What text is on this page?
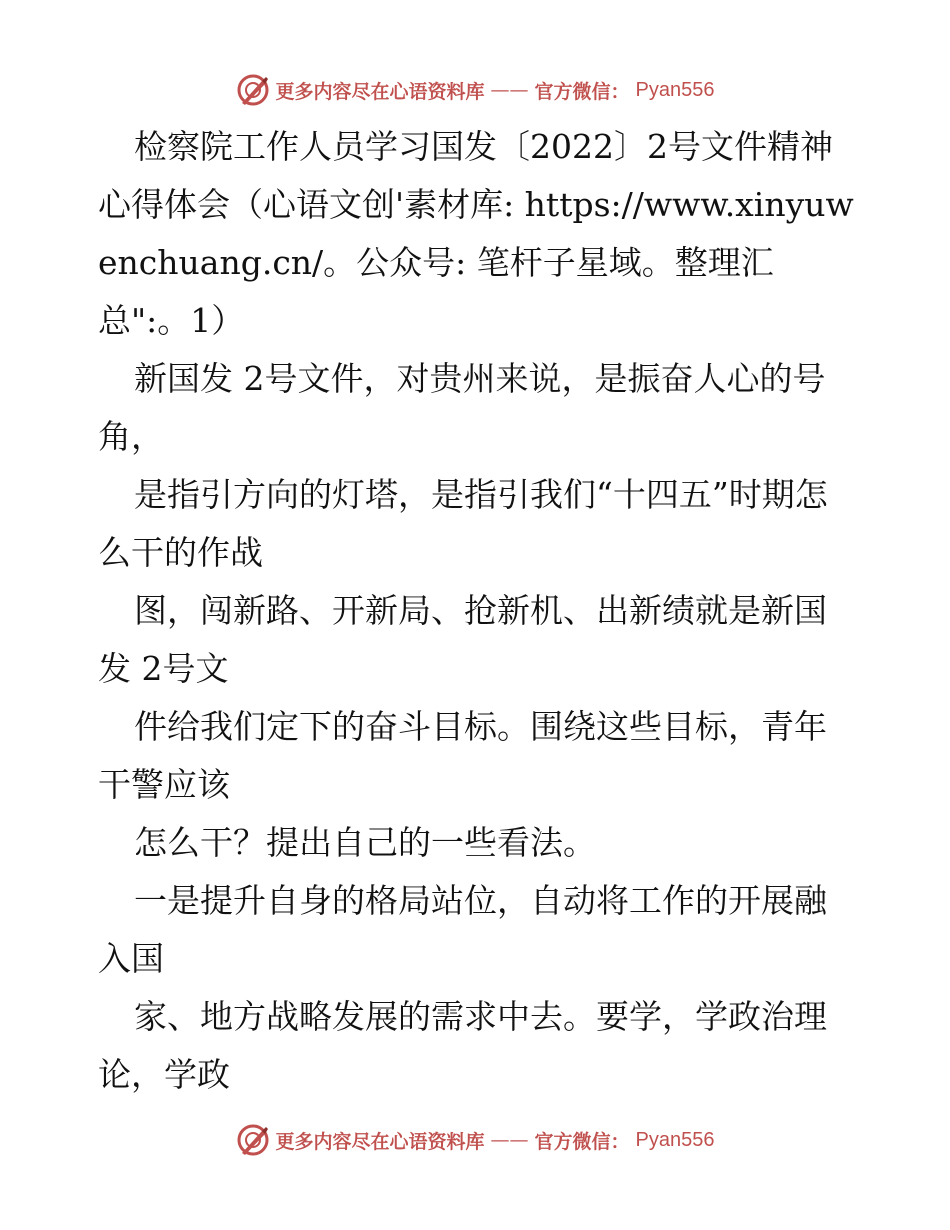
更多内容尽在心语资料库 —— 官方微信： Pyan556

检察院工作人员学习国发〔2022〕2号文件精神心得体会（心语文创'素材库: https://www.xinyuwenchuang.cn/。公众号: 笔杆子星域。整理汇总":。1）

新国发 2号文件，对贵州来说，是振奋人心的号角，

是指引方向的灯塔，是指引我们“十四五”时期怎么干的作战

图，闯新路、开新局、抢新机、出新绩就是新国发 2号文

件给我们定下的奋斗目标。围绕这些目标，青年干警应该

怎么干？提出自己的一些看法。

一是提升自身的格局站位，自动将工作的开展融入国

家、地方战略发展的需求中去。要学，学政治理论，学政

更多内容尽在心语资料库 —— 官方微信： Pyan556
